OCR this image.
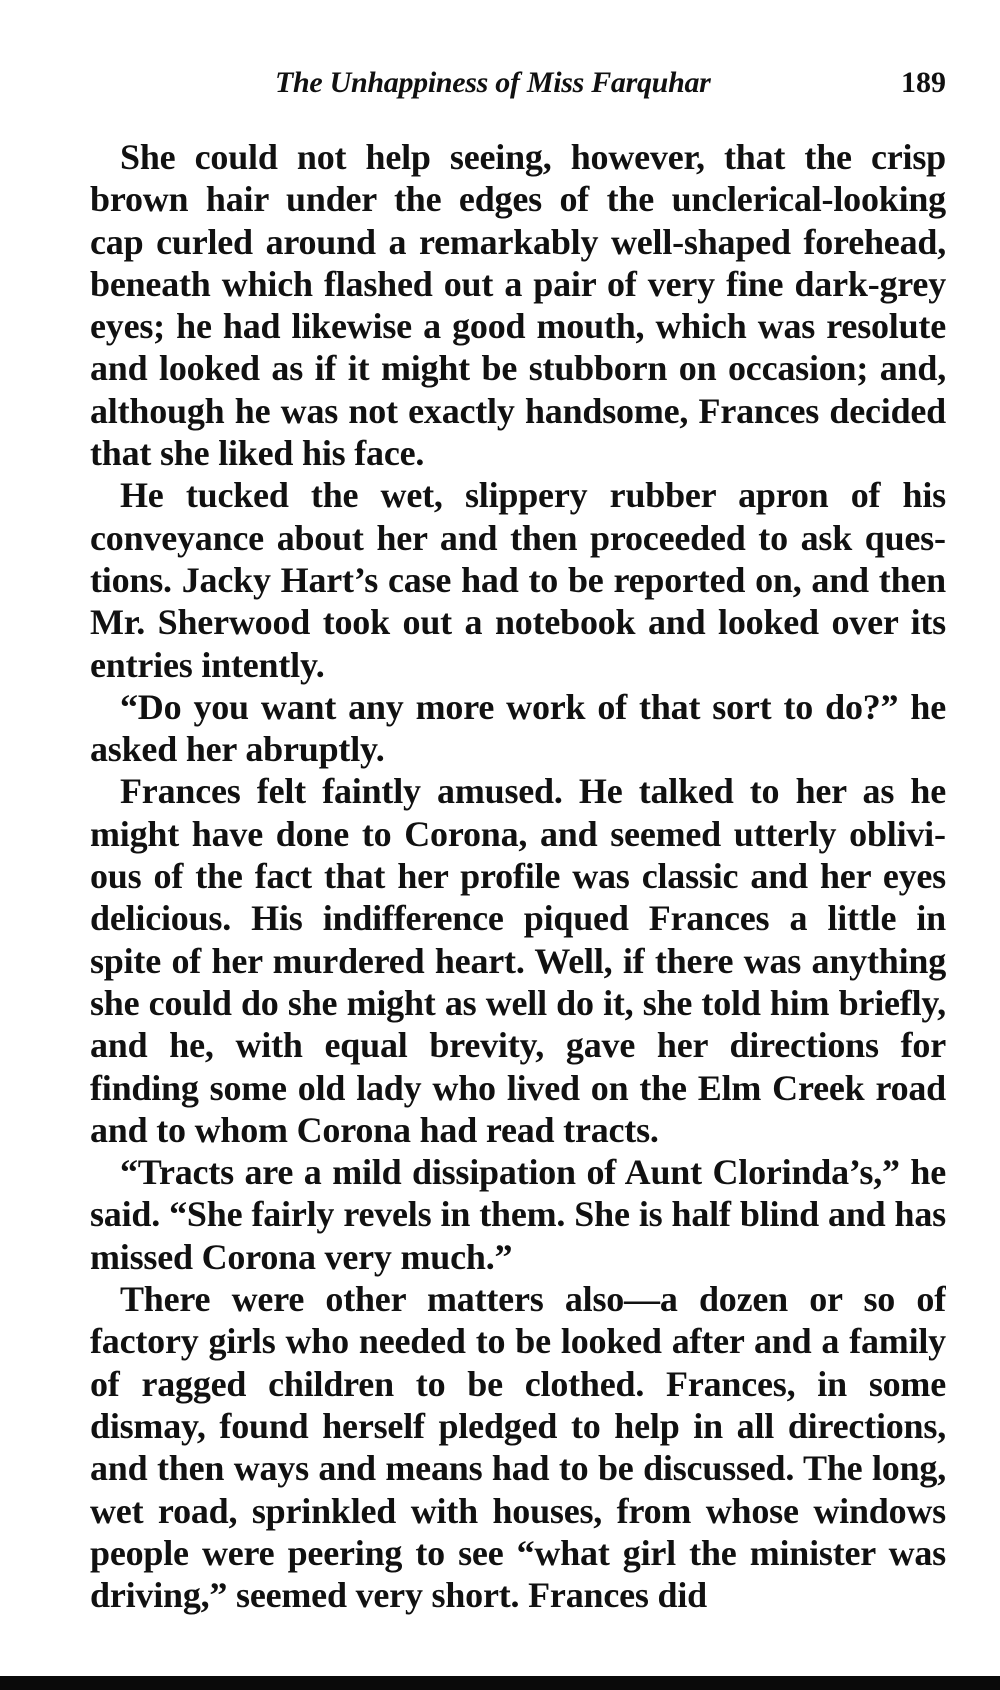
The Unhappiness of Miss Farquhar	189

She could not help seeing, however, that the crisp brown hair under the edges of the unclerical-looking cap curled around a remarkably well-shaped forehead, beneath which flashed out a pair of very fine dark-grey eyes; he had likewise a good mouth, which was resolute and looked as if it might be stubborn on occasion; and, although he was not exactly handsome, Frances decided that she liked his face.

He tucked the wet, slippery rubber apron of his conveyance about her and then proceeded to ask questions. Jacky Hart’s case had to be reported on, and then Mr. Sherwood took out a notebook and looked over its entries intently.

“Do you want any more work of that sort to do?” he asked her abruptly.

Frances felt faintly amused. He talked to her as he might have done to Corona, and seemed utterly oblivious of the fact that her profile was classic and her eyes delicious. His indifference piqued Frances a little in spite of her murdered heart. Well, if there was anything she could do she might as well do it, she told him briefly, and he, with equal brevity, gave her directions for finding some old lady who lived on the Elm Creek road and to whom Corona had read tracts.

“Tracts are a mild dissipation of Aunt Clorinda’s,” he said. “She fairly revels in them. She is half blind and has missed Corona very much.”

There were other matters also—a dozen or so of factory girls who needed to be looked after and a family of ragged children to be clothed. Frances, in some dismay, found herself pledged to help in all directions, and then ways and means had to be discussed. The long, wet road, sprinkled with houses, from whose windows people were peering to see “what girl the minister was driving,” seemed very short. Frances did
